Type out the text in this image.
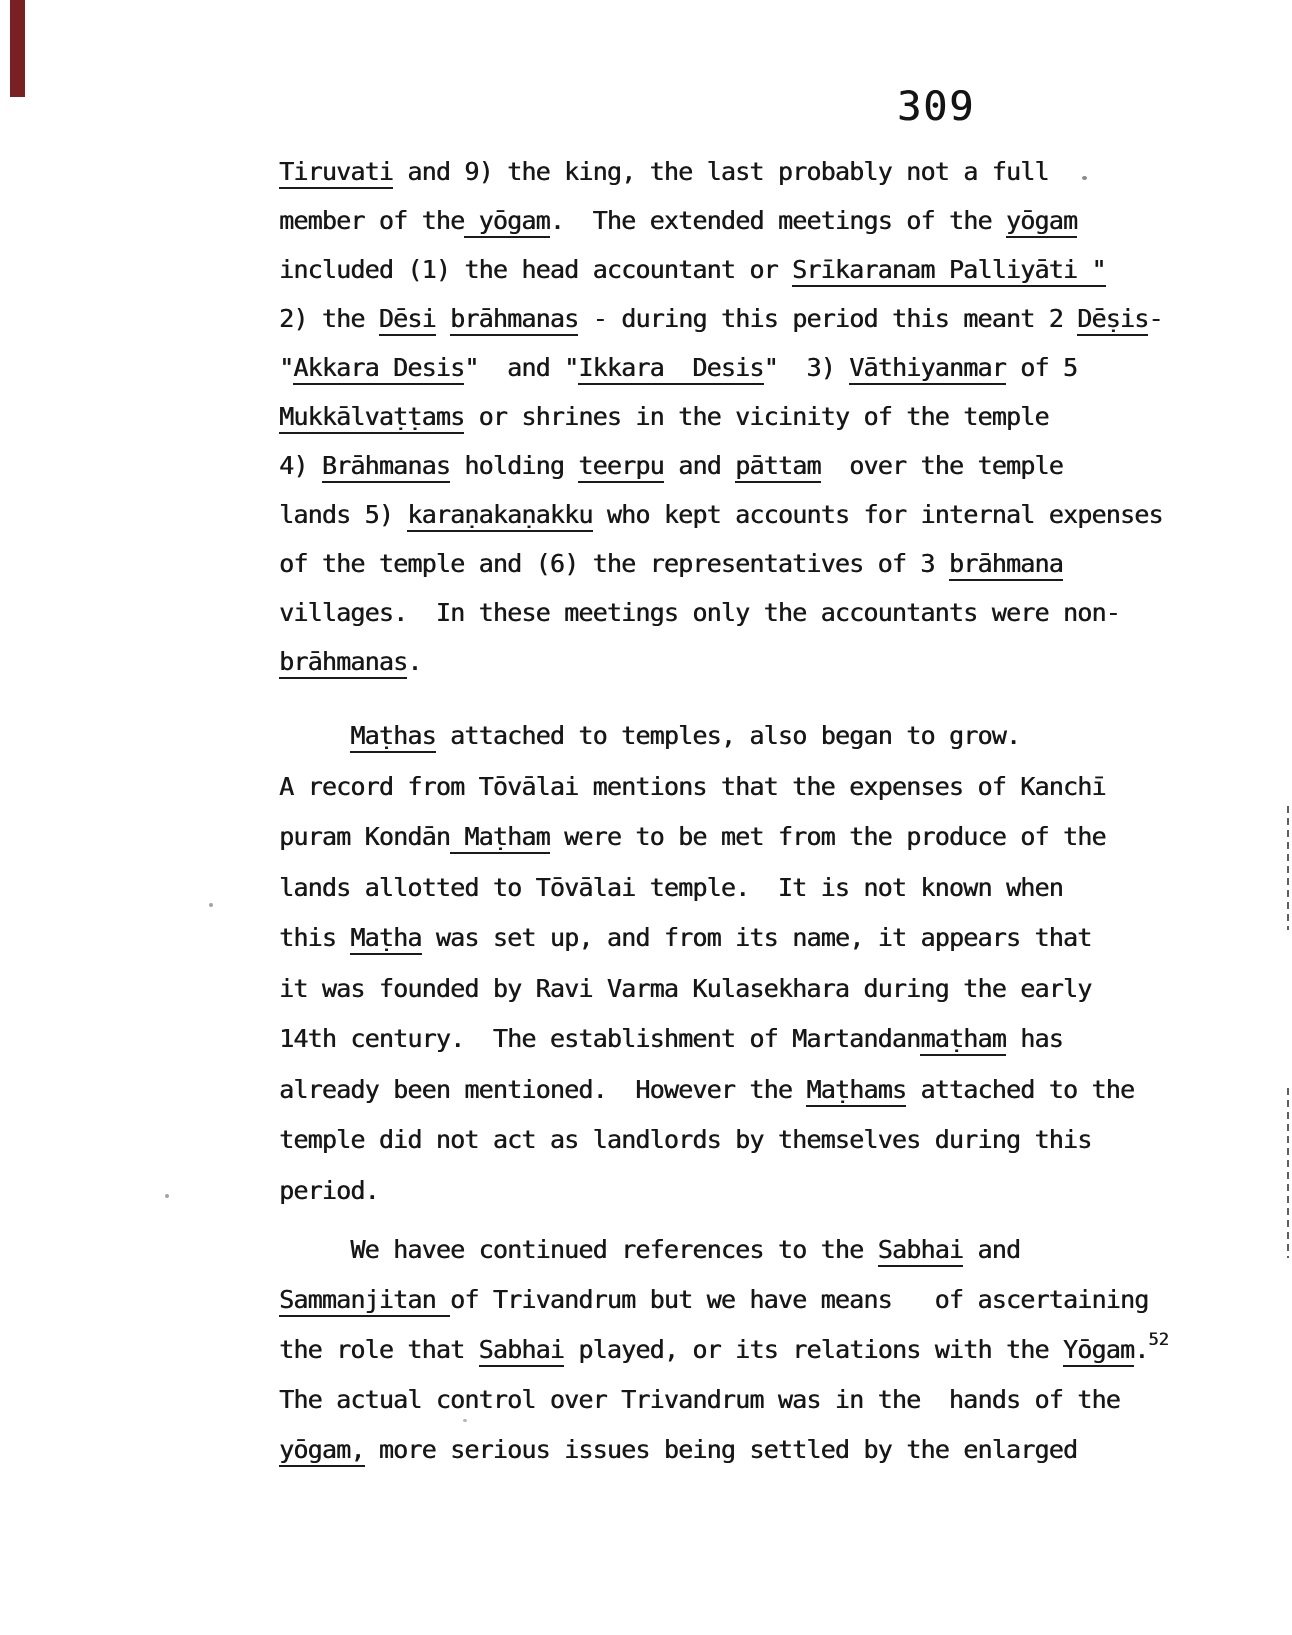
309
Tiruvati and 9) the king, the last probably not a full
member of the yōgam.  The extended meetings of the yōgam
included (1) the head accountant or Srīkaranam Palliyāti "
2) the Dēsi brāhmanas - during this period this meant 2 Dēṣis-
"Akkara Desis"  and "Ikkara  Desis"  3) Vāthiyanmar of 5
Mukkālvaṭṭams or shrines in the vicinity of the temple
4) Brāhmanas holding teerpu and pāttam  over the temple
lands 5) karaṇakaṇakku who kept accounts for internal expenses
of the temple and (6) the representatives of 3 brāhmana
villages.  In these meetings only the accountants were non-
brāhmanas.
Maṭhas attached to temples, also began to grow.
A record from Tōvālai mentions that the expenses of Kanchī
puram Kondān Maṭham were to be met from the produce of the
lands allotted to Tōvālai temple.  It is not known when
this Maṭha was set up, and from its name, it appears that
it was founded by Ravi Varma Kulasekhara during the early
14th century.  The establishment of Martandanmaṭham has
already been mentioned.  However the Maṭhams attached to the
temple did not act as landlords by themselves during this
period.
We havee continued references to the Sabhai and
Sammanjitan of Trivandrum but we have means   of ascertaining
the role that Sabhai played, or its relations with the Yōgam.$^{52}$
The actual control over Trivandrum was in the  hands of the
yōgam, more serious issues being settled by the enlarged
